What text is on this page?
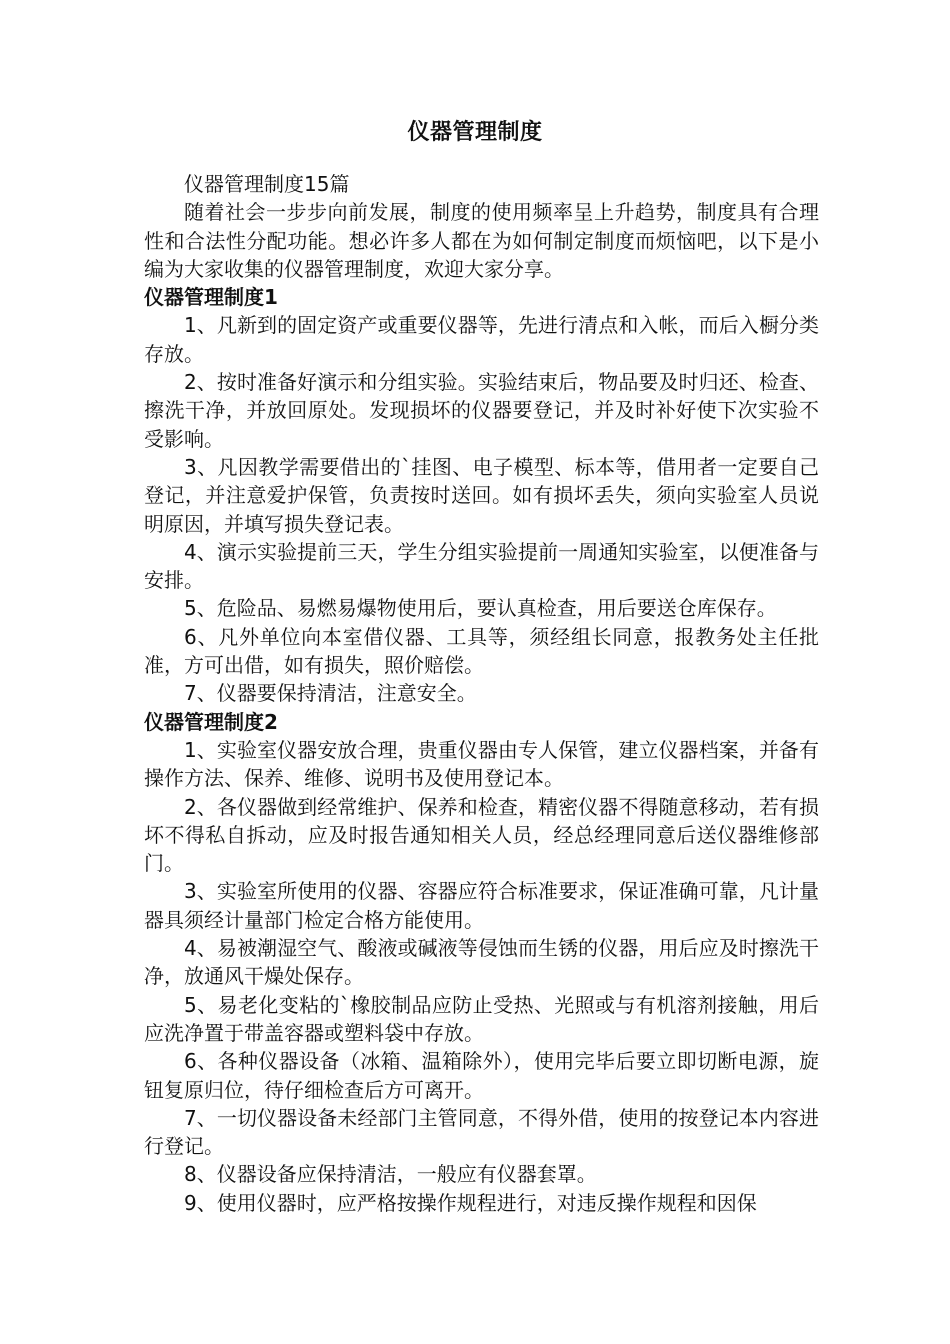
仪器管理制度

仪器管理制度15篇

随着社会一步步向前发展，制度的使用频率呈上升趋势，制度具有合理性和合法性分配功能。想必许多人都在为如何制定制度而烦恼吧，以下是小编为大家收集的仪器管理制度，欢迎大家分享。

仪器管理制度1

1、凡新到的固定资产或重要仪器等，先进行清点和入帐，而后入橱分类存放。

2、按时准备好演示和分组实验。实验结束后，物品要及时归还、检查、擦洗干净，并放回原处。发现损坏的仪器要登记，并及时补好使下次实验不受影响。

3、凡因教学需要借出的`挂图、电子模型、标本等，借用者一定要自己登记，并注意爱护保管，负责按时送回。如有损坏丢失，须向实验室人员说明原因，并填写损失登记表。

4、演示实验提前三天，学生分组实验提前一周通知实验室，以便准备与安排。

5、危险品、易燃易爆物使用后，要认真检查，用后要送仓库保存。

6、凡外单位向本室借仪器、工具等，须经组长同意，报教务处主任批准，方可出借，如有损失，照价赔偿。

7、仪器要保持清洁，注意安全。

仪器管理制度2

1、实验室仪器安放合理，贵重仪器由专人保管，建立仪器档案，并备有操作方法、保养、维修、说明书及使用登记本。

2、各仪器做到经常维护、保养和检查，精密仪器不得随意移动，若有损坏不得私自拆动，应及时报告通知相关人员，经总经理同意后送仪器维修部门。

3、实验室所使用的仪器、容器应符合标准要求，保证准确可靠，凡计量器具须经计量部门检定合格方能使用。

4、易被潮湿空气、酸液或碱液等侵蚀而生锈的仪器，用后应及时擦洗干净，放通风干燥处保存。

5、易老化变粘的`橡胶制品应防止受热、光照或与有机溶剂接触，用后应洗净置于带盖容器或塑料袋中存放。

6、各种仪器设备（冰箱、温箱除外），使用完毕后要立即切断电源，旋钮复原归位，待仔细检查后方可离开。

7、一切仪器设备未经部门主管同意，不得外借，使用的按登记本内容进行登记。

8、仪器设备应保持清洁，一般应有仪器套罩。

9、使用仪器时，应严格按操作规程进行，对违反操作规程和因保
